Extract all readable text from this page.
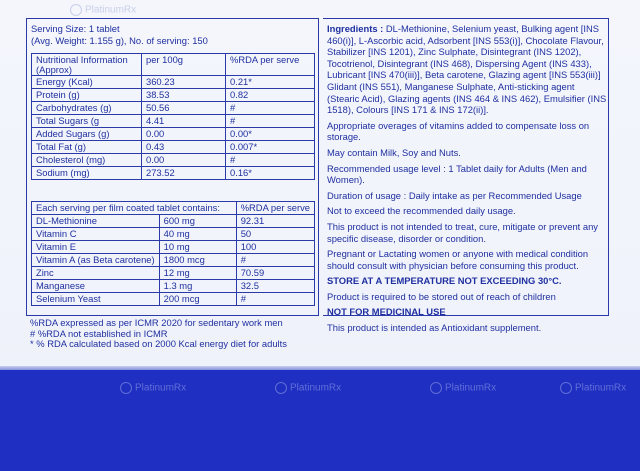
Serving Size: 1 tablet
(Avg. Weight: 1.155 g), No. of serving: 150
Nutritional Information (Approx)	per 100g	%RDA per serve
Energy (Kcal)	360.23	0.21*
Protein (g)	38.53	0.82
Carbohydrates (g)	50.56	#
Total Sugars (g	4.41	#
Added Sugars (g)	0.00	0.00*
Total Fat (g)	0.43	0.007*
Cholesterol (mg)	0.00	#
Sodium (mg)	273.52	0.16*
Each serving per film coated tablet contains:		%RDA per serve
DL-Methionine	600 mg	92.31
Vitamin C	40 mg	50
Vitamin E	10 mg	100
Vitamin A (as Beta carotene)	1800 mcg	#
Zinc	12 mg	70.59
Manganese	1.3 mg	32.5
Selenium Yeast	200 mcg	#
%RDA expressed as per ICMR 2020 for sedentary work men
# %RDA not established in ICMR
* % RDA calculated based on 2000 Kcal energy diet for adults

Ingredients : DL-Methionine, Selenium yeast, Bulking agent [INS 460(i)], L-Ascorbic acid, Adsorbent [INS 553(i)], Chocolate Flavour, Stabilizer [INS 1201), Zinc Sulphate, Disintegrant (INS 1202), Tocotrienol, Disintegrant (INS 468), Dispersing Agent (INS 433), Lubricant [INS 470(iii)], Beta carotene, Glazing agent [INS 553(iii)] Glidant (INS 551), Manganese Sulphate, Anti-sticking agent (Stearic Acid), Glazing agents (INS 464 & INS 462), Emulsifier (INS 1518), Colours [INS 171 & INS 172(ii)].

Appropriate overages of vitamins added to compensate loss on storage.

May contain Milk, Soy and Nuts.

Recommended usage level : 1 Tablet daily for Adults (Men and Women).

Duration of usage : Daily intake as per Recommended Usage

Not to exceed the recommended daily usage.

This product is not intended to treat, cure, mitigate or prevent any specific disease, disorder or condition.

Pregnant or Lactating women or anyone with medical condition should consult with physician before consuming this product.

STORE AT A TEMPERATURE NOT EXCEEDING 30°C.

Product is required to be stored out of reach of children

NOT FOR MEDICINAL USE

This product is intended as Antioxidant supplement.

PlatinumRx
PlatinumRx	PlatinumRx	PlatinumRx	PlatinumRx
